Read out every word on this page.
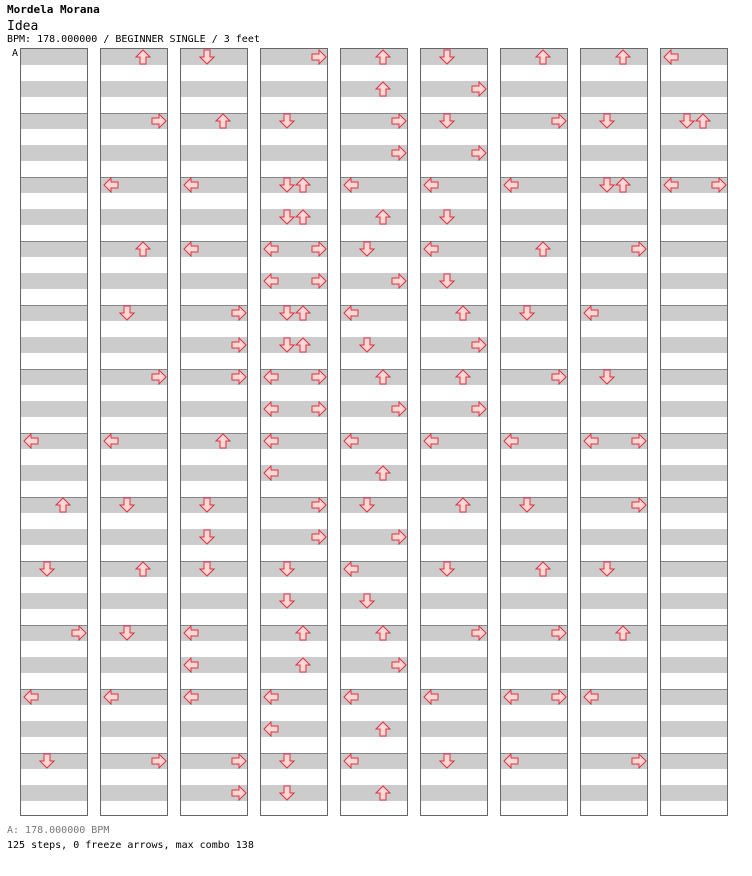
Mordela Morana
Idea
BPM: 178.000000 / BEGINNER SINGLE / 3 feet
A
A: 178.000000 BPM
125 steps, 0 freeze arrows, max combo 138
